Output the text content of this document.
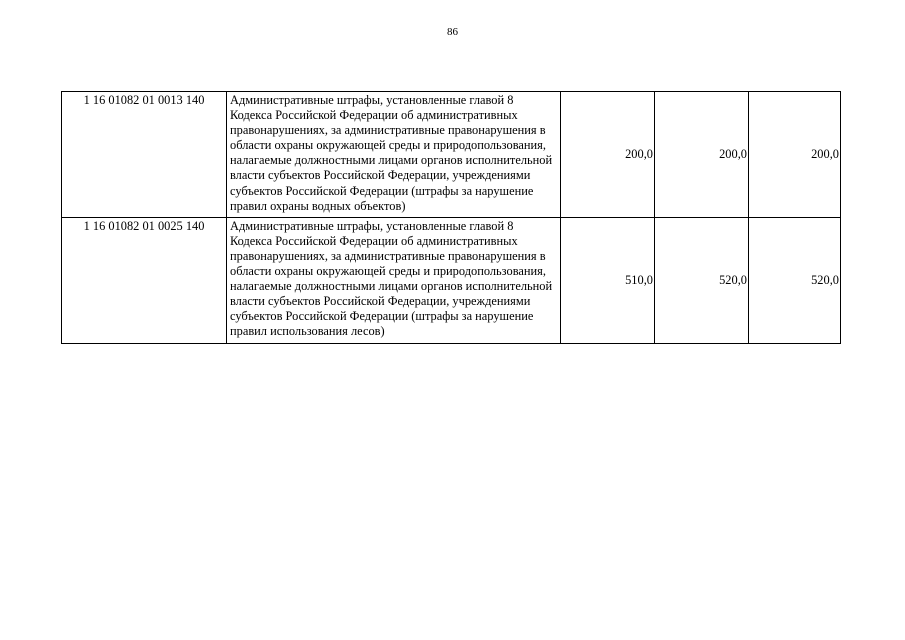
86
1 16 01082 01 0013 140	Административные штрафы, установленные главой 8 Кодекса Российской Федерации об административных правонарушениях, за административные правонарушения в области охраны окружающей среды и природопользования, налагаемые должностными лицами органов исполнительной власти субъектов Российской Федерации, учреждениями субъектов Российской Федерации (штрафы за нарушение правил охраны водных объектов)	200,0	200,0	200,0
1 16 01082 01 0025 140	Административные штрафы, установленные главой 8 Кодекса Российской Федерации об административных правонарушениях, за административные правонарушения в области охраны окружающей среды и природопользования, налагаемые должностными лицами органов исполнительной власти субъектов Российской Федерации, учреждениями субъектов Российской Федерации (штрафы за нарушение правил использования лесов)	510,0	520,0	520,0
